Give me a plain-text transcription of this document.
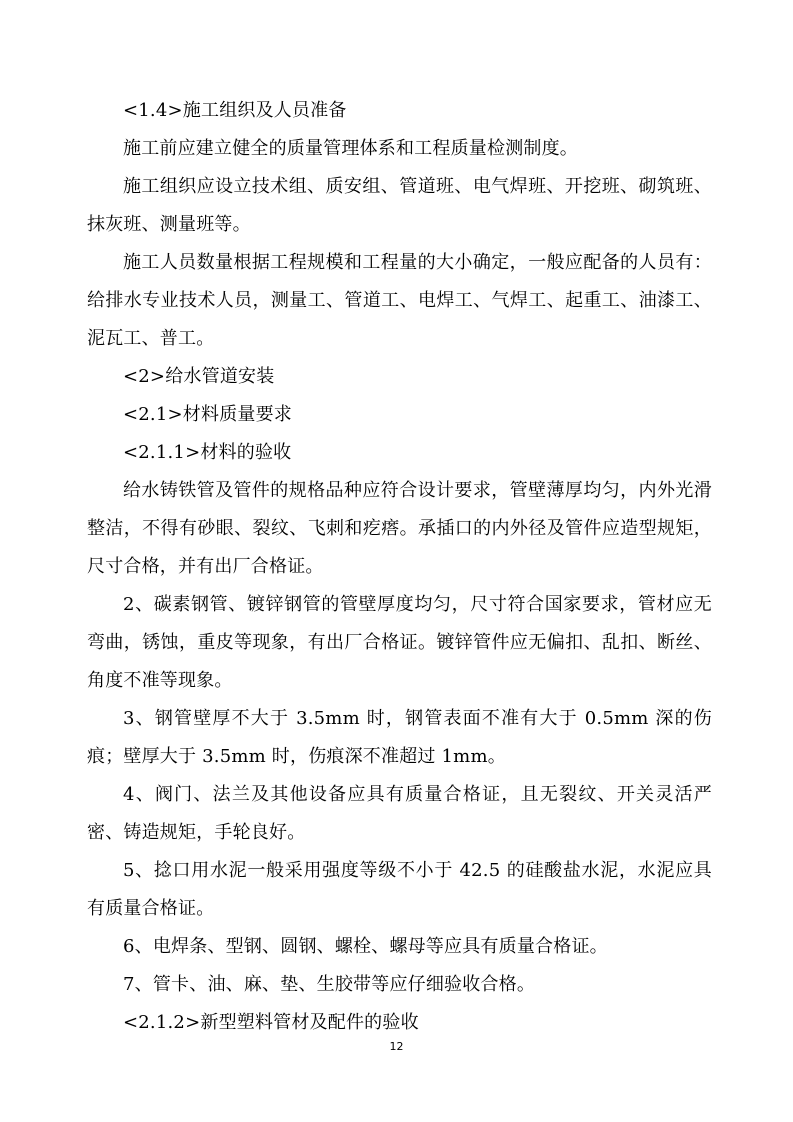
<1.4>施工组织及人员准备

施工前应建立健全的质量管理体系和工程质量检测制度。

施工组织应设立技术组、质安组、管道班、电气焊班、开挖班、砌筑班、抹灰班、测量班等。

施工人员数量根据工程规模和工程量的大小确定，一般应配备的人员有：给排水专业技术人员，测量工、管道工、电焊工、气焊工、起重工、油漆工、泥瓦工、普工。

<2>给水管道安装

<2.1>材料质量要求

<2.1.1>材料的验收

给水铸铁管及管件的规格品种应符合设计要求，管壁薄厚均匀，内外光滑整洁，不得有砂眼、裂纹、飞刺和疙瘩。承插口的内外径及管件应造型规矩，尺寸合格，并有出厂合格证。

2、碳素钢管、镀锌钢管的管壁厚度均匀，尺寸符合国家要求，管材应无弯曲，锈蚀，重皮等现象，有出厂合格证。镀锌管件应无偏扣、乱扣、断丝、角度不准等现象。

3、钢管壁厚不大于 3.5mm 时，钢管表面不准有大于 0.5mm 深的伤痕；壁厚大于 3.5mm 时，伤痕深不准超过 1mm。

4、阀门、法兰及其他设备应具有质量合格证，且无裂纹、开关灵活严密、铸造规矩，手轮良好。

5、捻口用水泥一般采用强度等级不小于 42.5 的硅酸盐水泥，水泥应具有质量合格证。

6、电焊条、型钢、圆钢、螺栓、螺母等应具有质量合格证。

7、管卡、油、麻、垫、生胶带等应仔细验收合格。

<2.1.2>新型塑料管材及配件的验收

12
